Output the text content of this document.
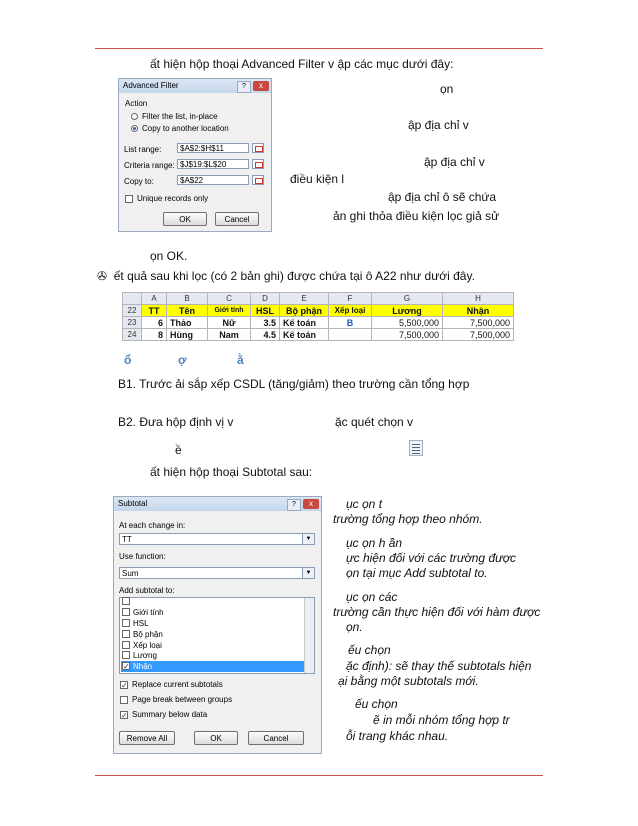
ất hiện hộp thoại Advanced Filter v ập các mục dưới đây:
Advanced Filter	?	x
Action
Filter the list, in-place
Copy to another location
List range:	$A$2:$H$11
Criteria range: $J$19:$L$20
Copy to:	$A$22
Unique records only
OK	Cancel
ọn
ập địa chỉ v
ập địa chỉ v
điều kiện l
ập địa chỉ ô sẽ chứa
ản ghi thỏa điều kiện lọc giả sử
ọn OK.
✇  ết quả sau khi lọc (có 2 bản ghi) được chứa tại ô A22 như dưới đây.
	A	B	C	D	E	F	G	H
22	TT	Tên	Giới tính	HSL	Bộ phận	Xếp loại	Lương	Nhận
23	6	Thảo	Nữ	3.5	Kế toán	B	5,500,000	7,500,000
24	8	Hùng	Nam	4.5	Kế toán		7,500,000	7,500,000
ổ	ợ	ằ
B1. Trước ải sắp xếp CSDL (tăng/giảm) theo trường cần tổng hợp
B2. Đưa hộp định vị v	ặc quét chọn v
ề
ất hiện hộp thoại Subtotal sau:
Subtotal	?	x
At each change in:
TT	▼
Use function:
Sum	▼
Add subtotal to:
Giới tính
HSL
Bộ phận
Xếp loại
Lương
✓ Nhận
✓ Replace current subtotals
Page break between groups
✓ Summary below data
Remove All	OK	Cancel
ục ọn t
trường tổng hợp theo nhóm.
ục ọn h ần
ực hiện đối với các trường được
ọn tại mục Add subtotal to.
ục ọn các
trường cần thực hiện đối với hàm được
ọn.
ếu chọn
ặc định): sẽ thay thế subtotals hiện
ại bằng một subtotals mới.
ếu chọn
ẽ in mỗi nhóm tổng hợp tr
ỗi trang khác nhau.
